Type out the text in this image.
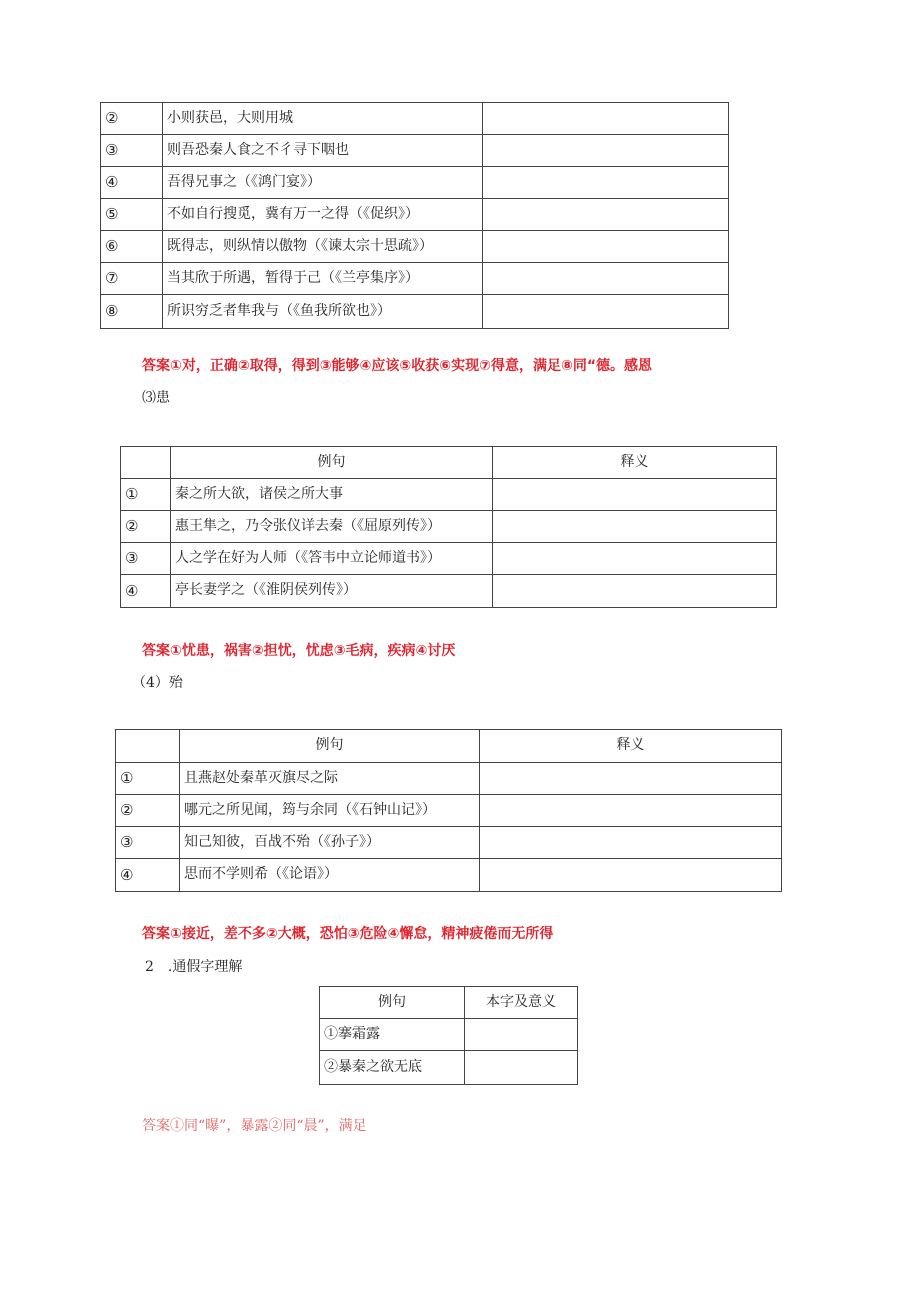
②	小则获邑，大则用城	
③	则吾恐秦人食之不彳寻下咽也	
④	吾得兄事之（《鸿门宴》）	
⑤	不如自行搜觅，冀有万一之得（《促织》）	
⑥	既得志，则纵情以傲物（《谏太宗十思疏》）	
⑦	当其欣于所遇，暂得于己（《兰亭集序》）	
⑧	所识穷乏者隼我与（《鱼我所欲也》）	
答案①对，正确②取得，得到③能够④应该⑤收获⑥实现⑦得意，满足⑧同“德。感恩
⑶患
	例句	释义
①	秦之所大欲，诸侯之所大事	
②	惠王隼之，乃令张仪详去秦（《屈原列传》）	
③	人之学在好为人师（《答韦中立论师道书》）	
④	亭长妻学之（《淮阴侯列传》）	
答案①忧患，祸害②担忧，忧虑③毛病，疾病④讨厌
（4）殆
	例句	释义
①	且燕赵处秦革灭旗尽之际	
②	哪元之所见闻，筠与余同（《石钟山记》）	
③	知己知彼，百战不殆（《孙子》）	
④	思而不学则希（《论语》）	
答案①接近，差不多②大概，恐怕③危险④懈怠，精神疲倦而无所得
2　.通假字理解
例句	本字及意义
①搴霜露	
②暴秦之欲无底	
答案①同“曝”，暴露②同“晨”，满足
